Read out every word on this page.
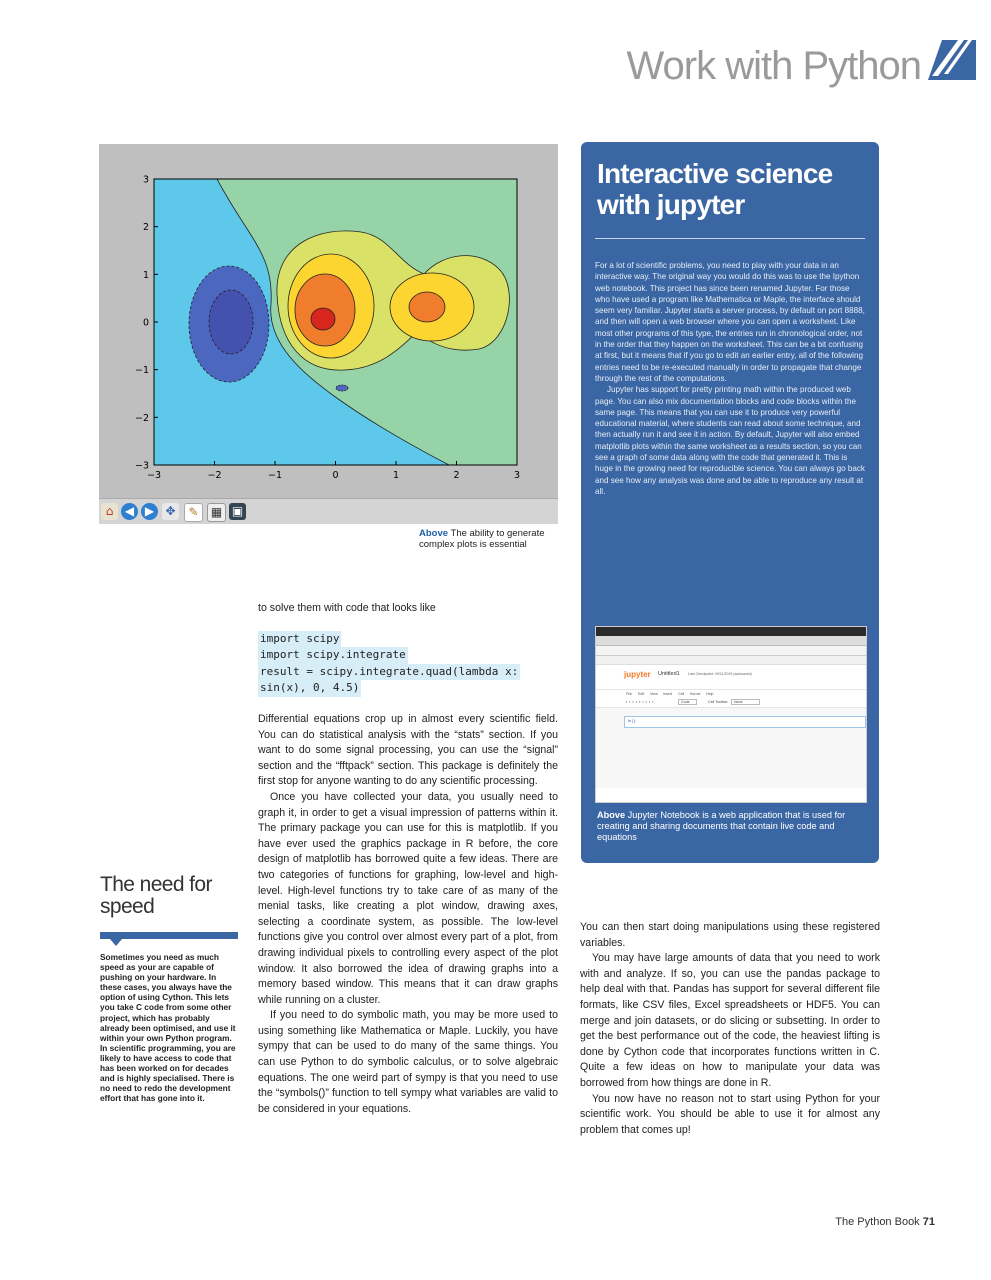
Work with Python
−3	−2	−1	0	1	2	3
3
2
1
0
−1
−2
−3
⌂ ◀ ▶ ✥	✎	▦ ▣
Above The ability to generate complex plots is essential

to solve them with code that looks like

import scipy
import scipy.integrate
result = scipy.integrate.quad(lambda x:
sin(x), 0, 4.5)

Differential equations crop up in almost every scientific field. You can do statistical analysis with the “stats” section. If you want to do some signal processing, you can use the “signal” section and the “fftpack” section. This package is definitely the first stop for anyone wanting to do any scientific processing.

Once you have collected your data, you usually need to graph it, in order to get a visual impression of patterns within it. The primary package you can use for this is matplotlib. If you have ever used the graphics package in R before, the core design of matplotlib has borrowed quite a few ideas. There are two categories of functions for graphing, low-level and high-level. High-level functions try to take care of as many of the menial tasks, like creating a plot window, drawing axes, selecting a coordinate system, as possible. The low-level functions give you control over almost every part of a plot, from drawing individual pixels to controlling every aspect of the plot window. It also borrowed the idea of drawing graphs into a memory based window. This means that it can draw graphs while running on a cluster.

If you need to do symbolic math, you may be more used to using something like Mathematica or Maple. Luckily, you have sympy that can be used to do many of the same things. You can use Python to do symbolic calculus, or to solve algebraic equations. The one weird part of sympy is that you need to use the “symbols()” function to tell sympy what variables are valid to be considered in your equations.

You can then start doing manipulations using these registered variables.

You may have large amounts of data that you need to work with and analyze. If so, you can use the pandas package to help deal with that. Pandas has support for several different file formats, like CSV files, Excel spreadsheets or HDF5. You can merge and join datasets, or do slicing or subsetting. In order to get the best performance out of the code, the heaviest lifting is done by Cython code that incorporates functions written in C. Quite a few ideas on how to manipulate your data was borrowed from how things are done in R.

You now have no reason not to start using Python for your scientific work. You should be able to use it for almost any problem that comes up!

Interactive science with jupyter

For a lot of scientific problems, you need to play with your data in an interactive way. The original way you would do this was to use the Ipython web notebook. This project has since been renamed Jupyter. For those who have used a program like Mathematica or Maple, the interface should seem very familiar. Jupyter starts a server process, by default on port 8888, and then will open a web browser where you can open a worksheet. Like most other programs of this type, the entries run in chronological order, not in the order that they happen on the worksheet. This can be a bit confusing at first, but it means that if you go to edit an earlier entry, all of the following entries need to be re-executed manually in order to propagate that change through the rest of the computations.

Jupyter has support for pretty printing math within the produced web page. You can also mix documentation blocks and code blocks within the same page. This means that you can use it to produce very powerful educational material, where students can read about some technique, and then actually run it and see it in action. By default, Jupyter will also embed matplotlib plots within the same worksheet as a results section, so you can see a graph of some data along with the code that generated it. This is huge in the growing need for reproducible science. You can always go back and see how any analysis was done and be able to reproduce any result at all.

jupyter Untitled1 Last Checkpoint: 09/11/2015 (autosaved)
File Edit View Insert Cell Kernel Help
▪▪▪▪▪▪▪▪▪	Code	Cell Toolbar:	None
In [ ]:
Above Jupyter Notebook is a web application that is used for creating and sharing documents that contain live code and equations
The need for speed
Sometimes you need as much speed as your are capable of pushing on your hardware. In these cases, you always have the option of using Cython. This lets you take C code from some other project, which has probably already been optimised, and use it within your own Python program. In scientific programming, you are likely to have access to code that has been worked on for decades and is highly specialised. There is no need to redo the development effort that has gone into it.
The Python Book 71
